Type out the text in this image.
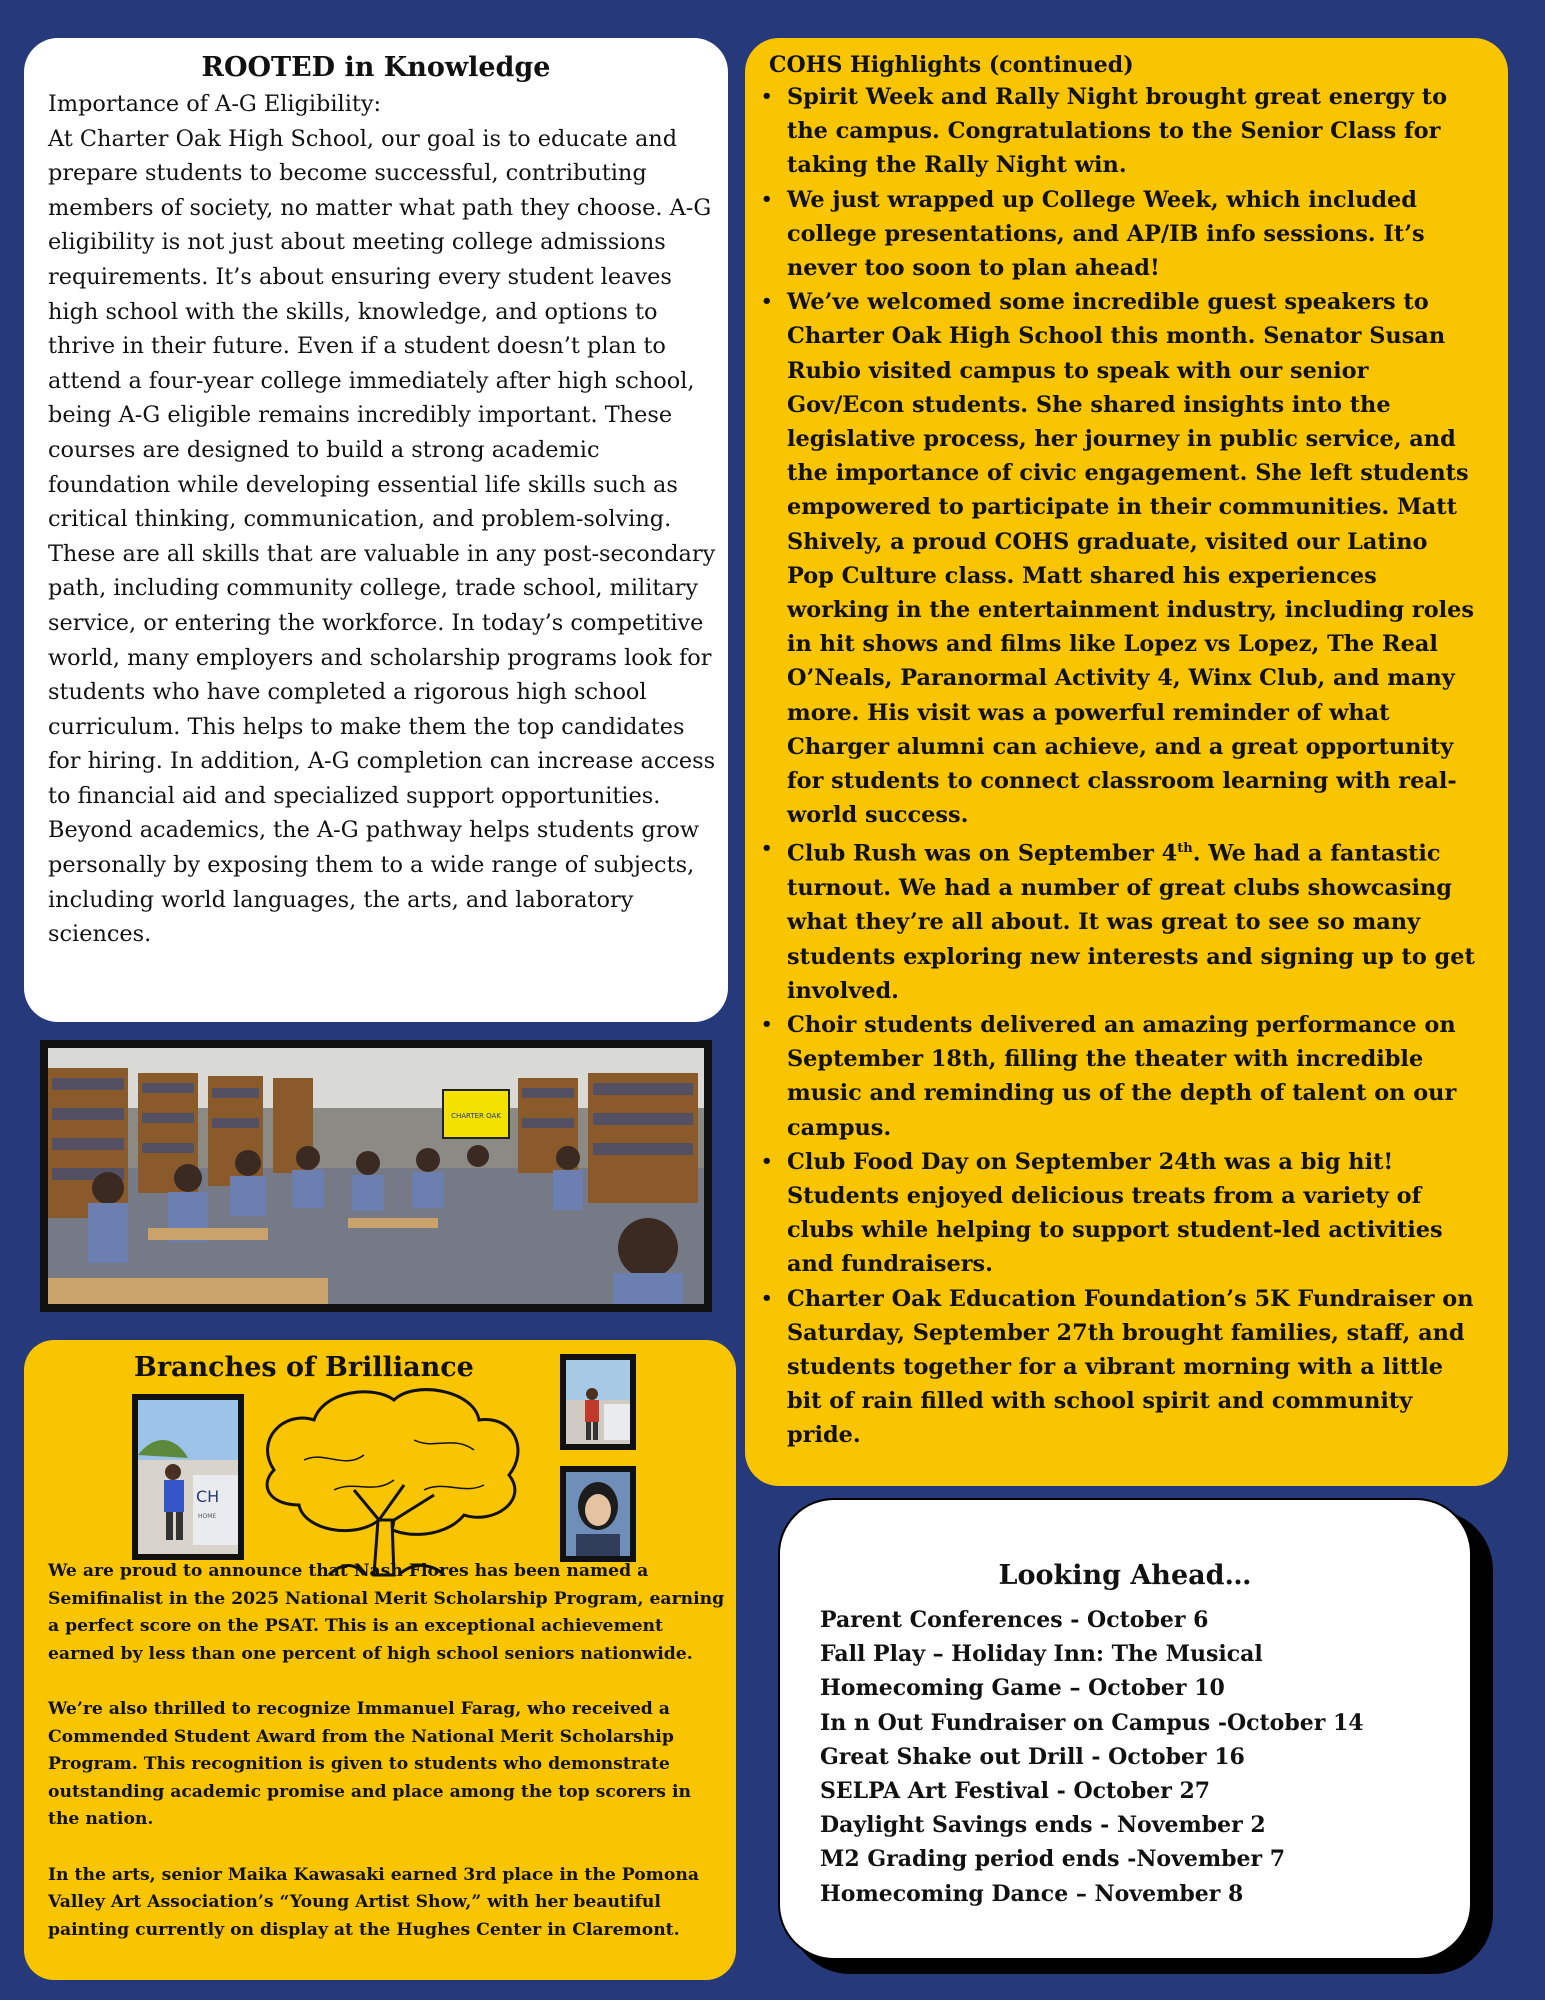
ROOTED in Knowledge

Importance of A-G Eligibility:

At Charter Oak High School, our goal is to educate and prepare students to become successful, contributing members of society, no matter what path they choose. A-G eligibility is not just about meeting college admissions requirements. It’s about ensuring every student leaves high school with the skills, knowledge, and options to thrive in their future. Even if a student doesn’t plan to attend a four-year college immediately after high school, being A-G eligible remains incredibly important. These courses are designed to build a strong academic foundation while developing essential life skills such as critical thinking, communication, and problem-solving. These are all skills that are valuable in any post-secondary path, including community college, trade school, military service, or entering the workforce. In today’s competitive world, many employers and scholarship programs look for students who have completed a rigorous high school curriculum. This helps to make them the top candidates for hiring. In addition, A-G completion can increase access to financial aid and specialized support opportunities. Beyond academics, the A-G pathway helps students grow personally by exposing them to a wide range of subjects, including world languages, the arts, and laboratory sciences.

COHS Highlights (continued)
• Spirit Week and Rally Night brought great energy to the campus. Congratulations to the Senior Class for taking the Rally Night win.
• We just wrapped up College Week, which included college presentations, and AP/IB info sessions. It’s never too soon to plan ahead!
• We’ve welcomed some incredible guest speakers to Charter Oak High School this month. Senator Susan Rubio visited campus to speak with our senior Gov/Econ students. She shared insights into the legislative process, her journey in public service, and the importance of civic engagement. She left students empowered to participate in their communities. Matt Shively, a proud COHS graduate, visited our Latino Pop Culture class. Matt shared his experiences working in the entertainment industry, including roles in hit shows and films like Lopez vs Lopez, The Real O’Neals, Paranormal Activity 4, Winx Club, and many more. His visit was a powerful reminder of what Charger alumni can achieve, and a great opportunity for students to connect classroom learning with real-world success.
• Club Rush was on September 4th. We had a fantastic turnout. We had a number of great clubs showcasing what they’re all about. It was great to see so many students exploring new interests and signing up to get involved.
• Choir students delivered an amazing performance on September 18th, filling the theater with incredible music and reminding us of the depth of talent on our campus.
• Club Food Day on September 24th was a big hit! Students enjoyed delicious treats from a variety of clubs while helping to support student-led activities and fundraisers.
• Charter Oak Education Foundation’s 5K Fundraiser on Saturday, September 27th brought families, staff, and students together for a vibrant morning with a little bit of rain filled with school spirit and community pride.
CHARTER OAK
Branches of Brilliance
CH
HOME

We are proud to announce that Nash Flores has been named a Semifinalist in the 2025 National Merit Scholarship Program, earning a perfect score on the PSAT. This is an exceptional achievement earned by less than one percent of high school seniors nationwide.

We’re also thrilled to recognize Immanuel Farag, who received a Commended Student Award from the National Merit Scholarship Program. This recognition is given to students who demonstrate outstanding academic promise and place among the top scorers in the nation.

In the arts, senior Maika Kawasaki earned 3rd place in the Pomona Valley Art Association’s “Young Artist Show,” with her beautiful painting currently on display at the Hughes Center in Claremont.

Looking Ahead…
Parent Conferences - October 6
Fall Play – Holiday Inn: The Musical
Homecoming Game – October 10
In n Out Fundraiser on Campus -October 14
Great Shake out Drill - October 16
SELPA Art Festival - October 27
Daylight Savings ends - November 2
M2 Grading period ends -November 7
Homecoming Dance – November 8
